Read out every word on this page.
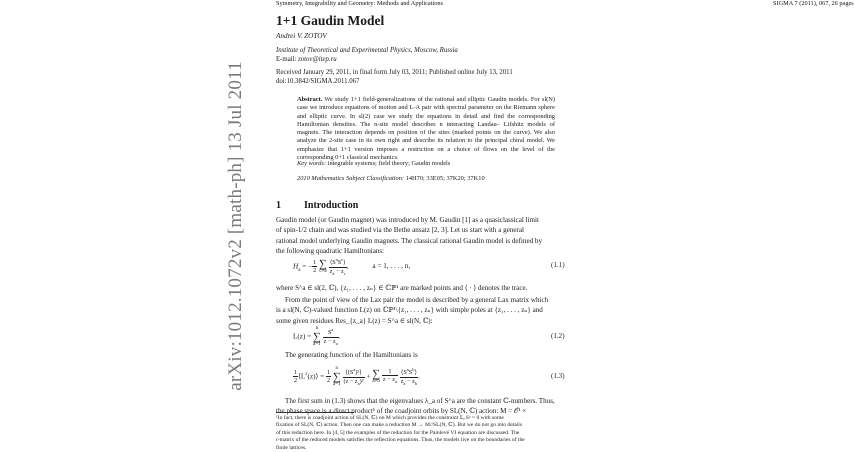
arXiv:1012.1072v2 [math-ph] 13 Jul 2011
Symmetry, Integrability and Geometry: Methods and Applications	SIGMA 7 (2011), 067, 26 pages
1+1 Gaudin Model
Andrei V. ZOTOV
Institute of Theoretical and Experimental Physics, Moscow, Russia
E-mail: zotov@itep.ru
Received January 29, 2011, in final form July 03, 2011; Published online July 13, 2011
doi:10.3842/SIGMA.2011.067
Abstract. We study 1+1 field-generalizations of the rational and elliptic Gaudin models. For sl(N) case we introduce equations of motion and L-A pair with spectral parameter on the Riemann sphere and elliptic curve. In sl(2) case we study the equations in detail and find the corresponding Hamiltonian densities. The n-site model describes n interacting Landau– Lifshitz models of magnets. The interaction depends on position of the sites (marked points on the curve). We also analyze the 2-site case in its own right and describe its relation to the principal chiral model. We emphasize that 1+1 version imposes a restriction on a choice of flows on the level of the corresponding 0+1 classical mechanics.
Key words: integrable systems; field theory; Gaudin models
2010 Mathematics Subject Classification: 14H70; 33E05; 37K20; 37K10
1 Introduction
Gaudin model (or Gaudin magnet) was introduced by M. Gaudin [1] as a quasiclassical limit
of spin-1/2 chain and was studied via the Bethe ansatz [2, 3]. Let us start with a general
rational model underlying Gaudin magnets. The classical rational Gaudin model is defined by
the following quadratic Hamiltonians:
$H_a$ = − $\frac{1}{2}$
∑
$c\ne a \frac{⟨S^aS^c⟩}{z_a - z_c}$ ,	a = 1, . . . , n,	(1.1)
where S^a ∈ sl(2, ℂ), {z₁, . . . , zₙ} ∈ ℂℙ¹ are marked points and ⟨ · ⟩ denotes the trace.
From the point of view of the Lax pair the model is described by a general Lax matrix which
is a sl(N, ℂ)-valued function L(z) on ℂℙ¹\{z₁, . . . , zₙ} with simple poles at {z₁, . . . , zₙ} and
some given residues Res_{z_a} L(z) = S^a ∈ sl(N, ℂ):
L(z) = n
∑
$a=1 \frac{S^a}{z - z_a}$ .	(1.2)
The generating function of the Hamiltonians is
$\frac{1}{2}$ $⟨L^2(z)⟩ = \frac{1}{2}$ n
∑
$a=1 \frac{⟨(S^a)^2⟩}{(z - z_a)^2}$ + ∑
$a\ne b \frac{1}{z - z_a}$
$\frac{⟨S^aS^b⟩}{z_a - z_b}$ .	(1.3)
The first sum in (1.3) shows that the eigenvalues λ_a of S^a are the constant ℂ-numbers. Thus,
the phase space is a direct product¹ of the coadjoint orbits by SL(N, ℂ) action: M = 𝒪¹ ×
¹In fact, there is coadjoint action of SL(N, ℂ) on M which provides the constraint Σₐ Sᵃ = 0 with some
fixation of SL(N, ℂ) action. Then one can make a reduction M → M//SL(N, ℂ). But we do not go into details
of this reduction here. In [4, 5] the examples of the reduction for the Painlevé VI equation are discussed. The
r-matrix of the reduced models satisfies the reflection equations. Thus, the models live on the boundaries of the
finite lattices.
